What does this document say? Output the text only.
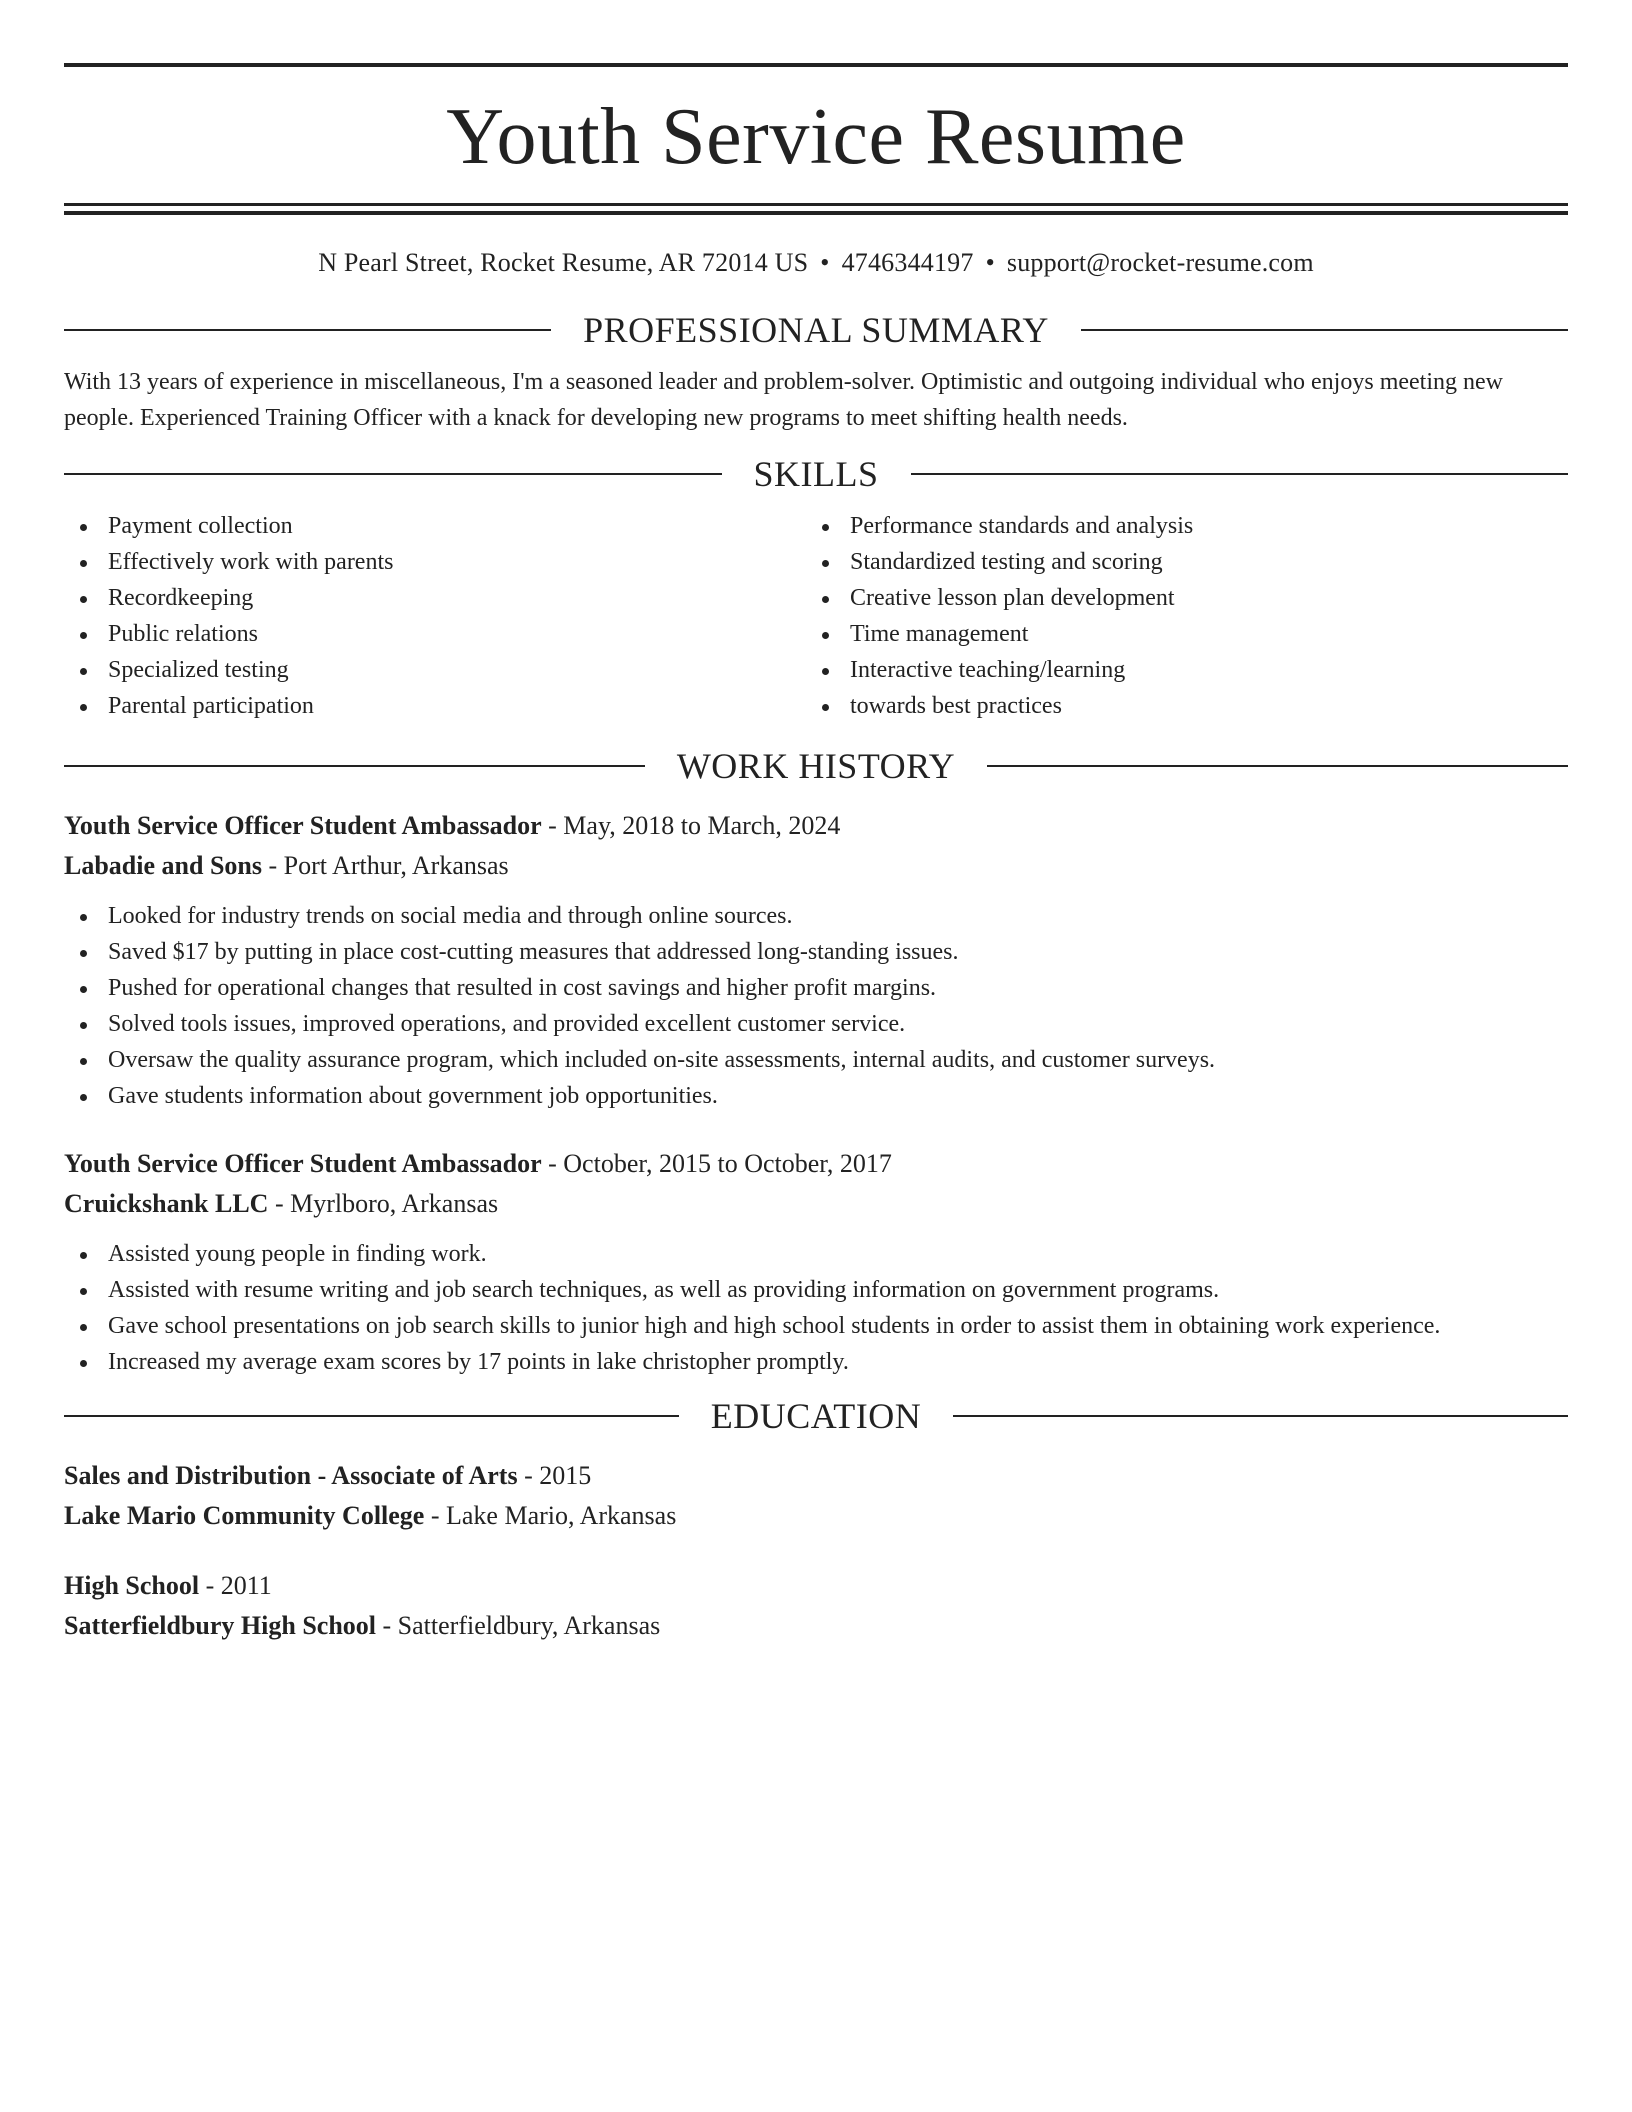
Youth Service Resume
N Pearl Street, Rocket Resume, AR 72014 US • 4746344197 • support@rocket-resume.com
PROFESSIONAL SUMMARY
With 13 years of experience in miscellaneous, I'm a seasoned leader and problem-solver. Optimistic and outgoing individual who enjoys meeting new people. Experienced Training Officer with a knack for developing new programs to meet shifting health needs.
SKILLS
Payment collection
Effectively work with parents
Recordkeeping
Public relations
Specialized testing
Parental participation
Performance standards and analysis
Standardized testing and scoring
Creative lesson plan development
Time management
Interactive teaching/learning
towards best practices
WORK HISTORY
Youth Service Officer Student Ambassador - May, 2018 to March, 2024
Labadie and Sons - Port Arthur, Arkansas
Looked for industry trends on social media and through online sources.
Saved $17 by putting in place cost-cutting measures that addressed long-standing issues.
Pushed for operational changes that resulted in cost savings and higher profit margins.
Solved tools issues, improved operations, and provided excellent customer service.
Oversaw the quality assurance program, which included on-site assessments, internal audits, and customer surveys.
Gave students information about government job opportunities.
Youth Service Officer Student Ambassador - October, 2015 to October, 2017
Cruickshank LLC - Myrlboro, Arkansas
Assisted young people in finding work.
Assisted with resume writing and job search techniques, as well as providing information on government programs.
Gave school presentations on job search skills to junior high and high school students in order to assist them in obtaining work experience.
Increased my average exam scores by 17 points in lake christopher promptly.
EDUCATION
Sales and Distribution - Associate of Arts - 2015
Lake Mario Community College - Lake Mario, Arkansas
High School - 2011
Satterfieldbury High School - Satterfieldbury, Arkansas
